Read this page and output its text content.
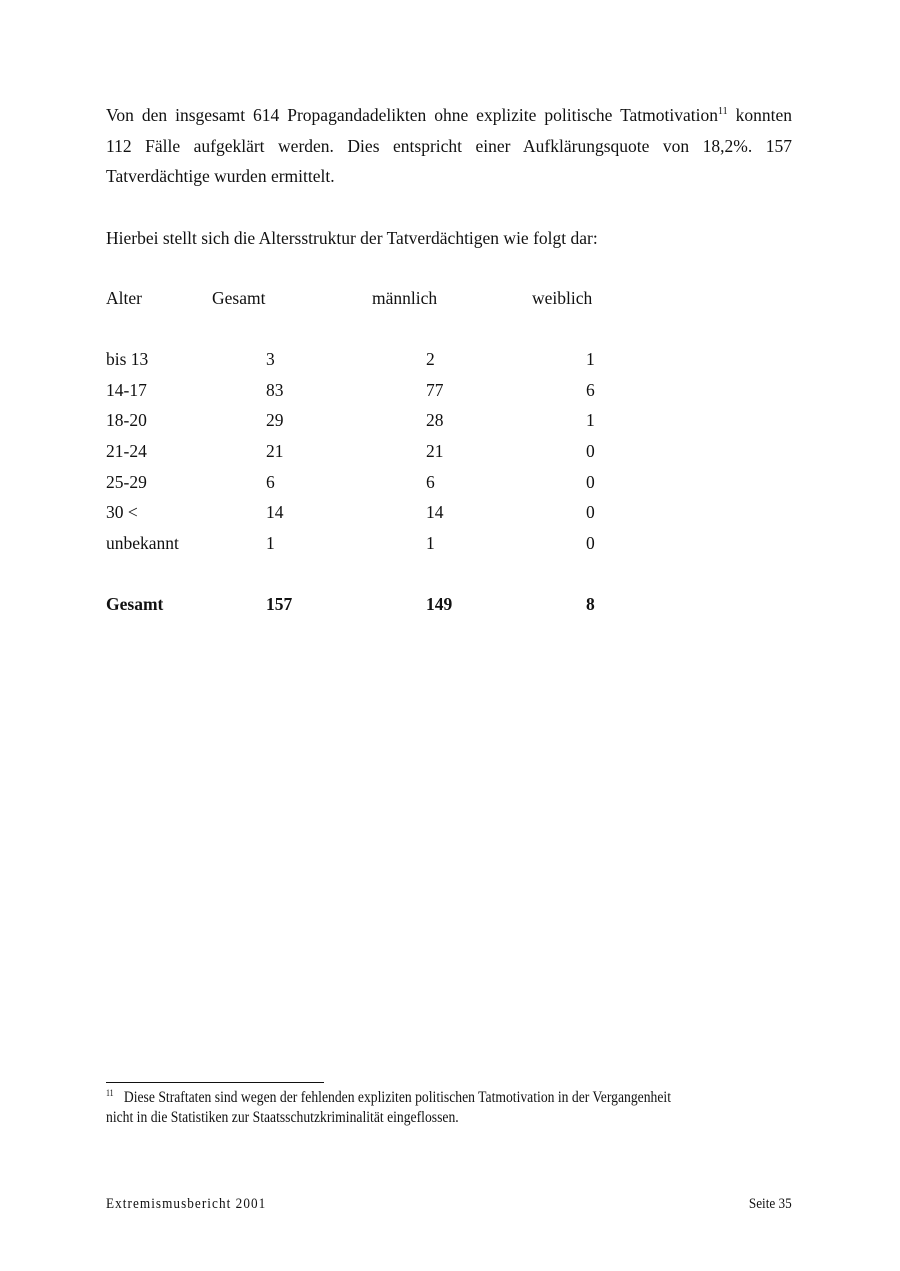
Von den insgesamt 614 Propagandadelikten ohne explizite politische Tatmotivation$^{11}$ konnten
112 Fälle aufgeklärt werden. Dies entspricht einer Aufklärungsquote von 18,2%. 157
Tatverdächtige wurden ermittelt.
Hierbei stellt sich die Altersstruktur der Tatverdächtigen wie folgt dar:
Alter	Gesamt	männlich	weiblich
bis 13	3	2	1
14-17	83	77	6
18-20	29	28	1
21-24	21	21	0
25-29	6	6	0
30 <	14	14	0
unbekannt	1	1	0
Gesamt	157	149	8
$^{11}$ Diese Straftaten sind wegen der fehlenden expliziten politischen Tatmotivation in der Vergangenheit
nicht in die Statistiken zur Staatsschutzkriminalität eingeflossen.
Extremismusbericht 2001	Seite 35
